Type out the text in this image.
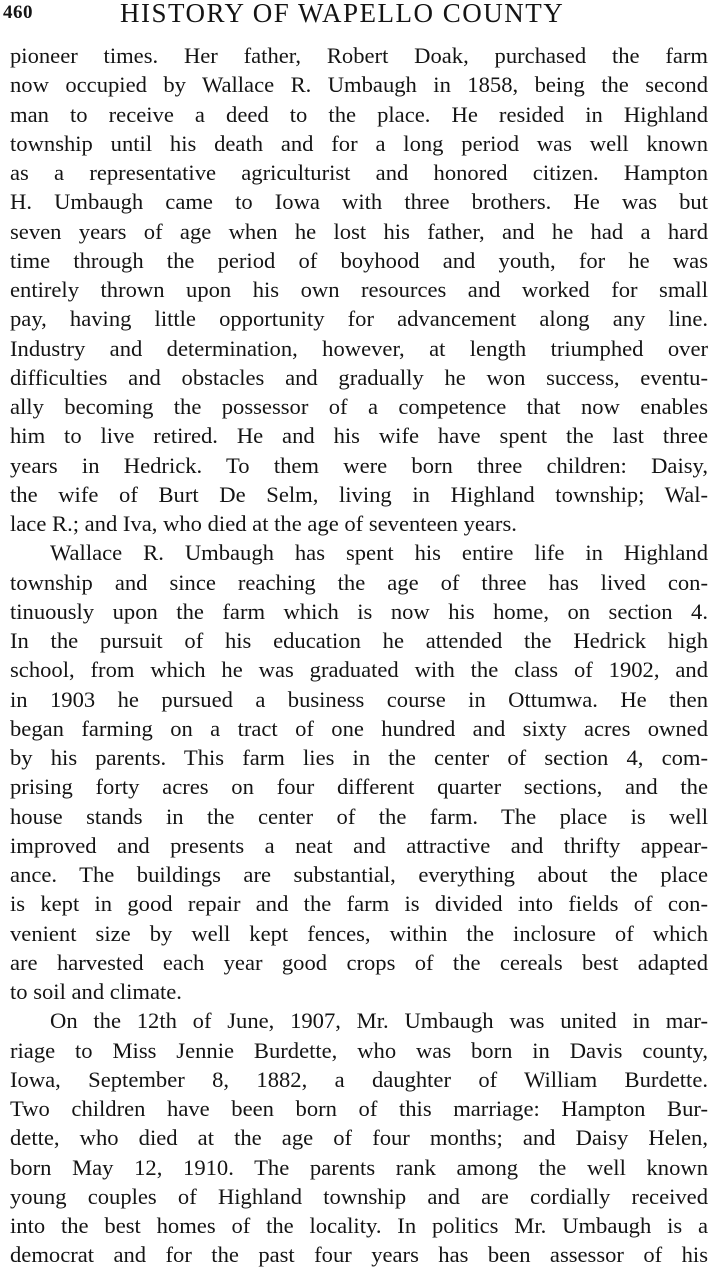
460	HISTORY OF WAPELLO COUNTY
pioneer times. Her father, Robert Doak, purchased the farm
now occupied by Wallace R. Umbaugh in 1858, being the second
man to receive a deed to the place. He resided in Highland
township until his death and for a long period was well known
as a representative agriculturist and honored citizen. Hampton
H. Umbaugh came to Iowa with three brothers. He was but
seven years of age when he lost his father, and he had a hard
time through the period of boyhood and youth, for he was
entirely thrown upon his own resources and worked for small
pay, having little opportunity for advancement along any line.
Industry and determination, however, at length triumphed over
difficulties and obstacles and gradually he won success, eventu-
ally becoming the possessor of a competence that now enables
him to live retired. He and his wife have spent the last three
years in Hedrick. To them were born three children: Daisy,
the wife of Burt De Selm, living in Highland township; Wal-
lace R.; and Iva, who died at the age of seventeen years.
Wallace R. Umbaugh has spent his entire life in Highland
township and since reaching the age of three has lived con-
tinuously upon the farm which is now his home, on section 4.
In the pursuit of his education he attended the Hedrick high
school, from which he was graduated with the class of 1902, and
in 1903 he pursued a business course in Ottumwa. He then
began farming on a tract of one hundred and sixty acres owned
by his parents. This farm lies in the center of section 4, com-
prising forty acres on four different quarter sections, and the
house stands in the center of the farm. The place is well
improved and presents a neat and attractive and thrifty appear-
ance. The buildings are substantial, everything about the place
is kept in good repair and the farm is divided into fields of con-
venient size by well kept fences, within the inclosure of which
are harvested each year good crops of the cereals best adapted
to soil and climate.
On the 12th of June, 1907, Mr. Umbaugh was united in mar-
riage to Miss Jennie Burdette, who was born in Davis county,
Iowa, September 8, 1882, a daughter of William Burdette.
Two children have been born of this marriage: Hampton Bur-
dette, who died at the age of four months; and Daisy Helen,
born May 12, 1910. The parents rank among the well known
young couples of Highland township and are cordially received
into the best homes of the locality. In politics Mr. Umbaugh is a
democrat and for the past four years has been assessor of his
